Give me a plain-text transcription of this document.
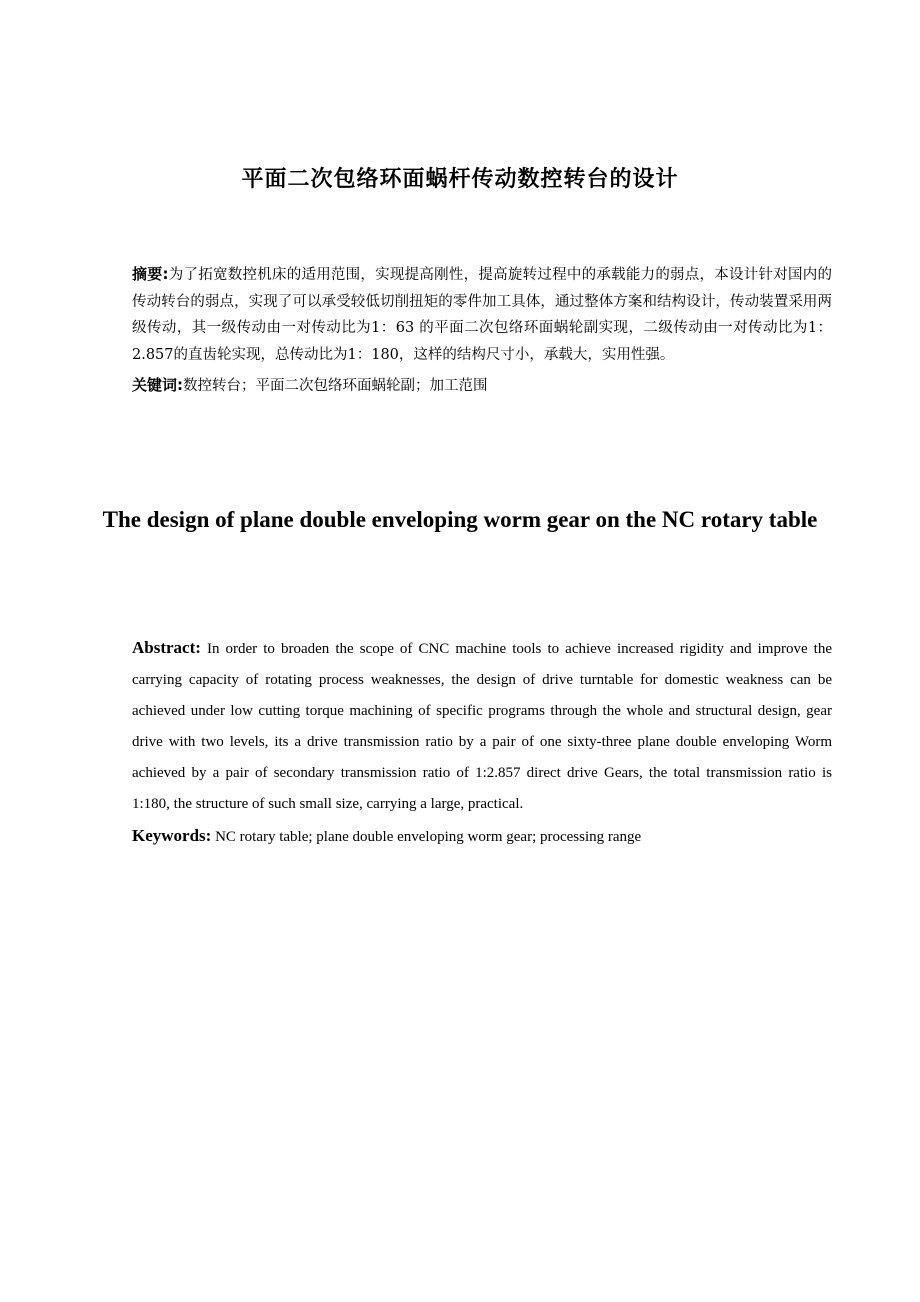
平面二次包络环面蜗杆传动数控转台的设计

摘要:为了拓宽数控机床的适用范围，实现提高刚性，提高旋转过程中的承载能力的弱点，本设计针对国内的传动转台的弱点，实现了可以承受较低切削扭矩的零件加工具体，通过整体方案和结构设计，传动装置采用两级传动，其一级传动由一对传动比为1：63 的平面二次包络环面蜗轮副实现，二级传动由一对传动比为1：2.857的直齿轮实现，总传动比为1：180，这样的结构尺寸小，承载大，实用性强。

关键词:数控转台；平面二次包络环面蜗轮副；加工范围

The design of plane double enveloping worm gear on the NC rotary table

Abstract: In order to broaden the scope of CNC machine tools to achieve increased rigidity and improve the carrying capacity of rotating process weaknesses, the design of drive turntable for domestic weakness can be achieved under low cutting torque machining of specific programs through the whole and structural design, gear drive with two levels, its a drive transmission ratio by a pair of one sixty-three plane double enveloping Worm achieved by a pair of secondary transmission ratio of 1:2.857 direct drive Gears, the total transmission ratio is 1:180, the structure of such small size, carrying a large, practical.

Keywords: NC rotary table; plane double enveloping worm gear; processing range
